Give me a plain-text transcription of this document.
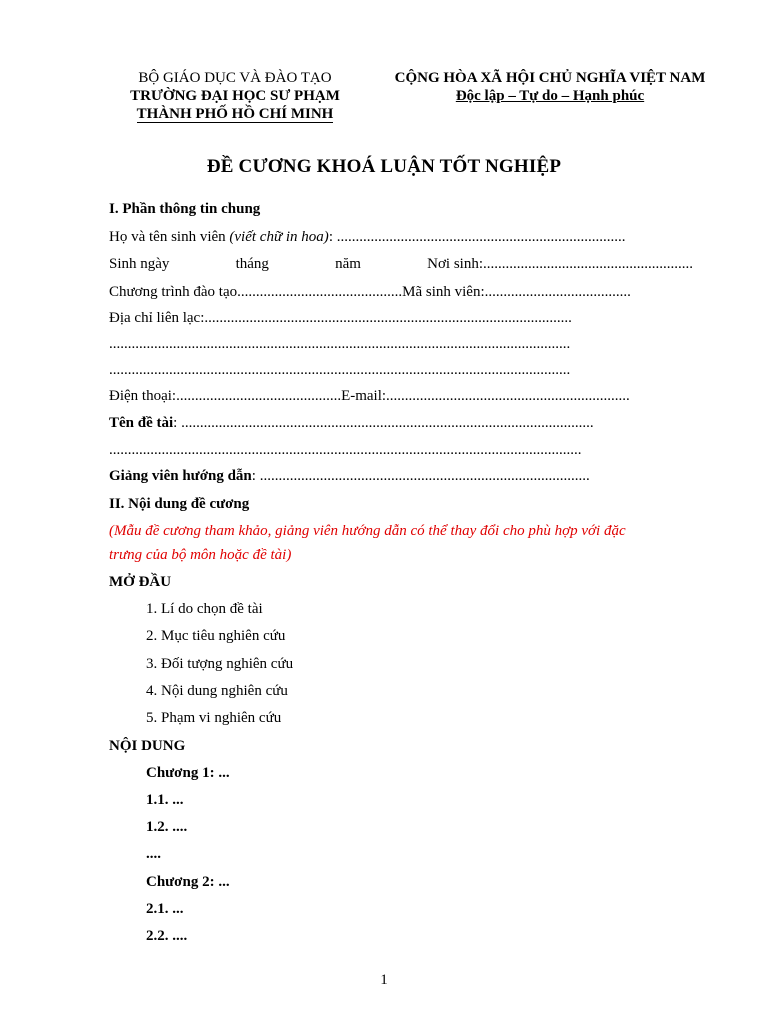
BỘ GIÁO DỤC VÀ ĐÀO TẠO
TRƯỜNG ĐẠI HỌC SƯ PHẠM
THÀNH PHỐ HỒ CHÍ MINH
CỘNG HÒA XÃ HỘI CHỦ NGHĨA VIỆT NAM
Độc lập – Tự do – Hạnh phúc
ĐỀ CƯƠNG KHOÁ LUẬN TỐT NGHIỆP
I. Phần thông tin chung
Họ và tên sinh viên (viết chữ in hoa): .............................................................................
Sinh ngày	tháng	năm	Nơi sinh:........................................................
Chương trình đào tạo............................................Mã sinh viên:.......................................
Địa chỉ liên lạc:..................................................................................................
...........................................................................................................................
...........................................................................................................................
Điện thoại:............................................E-mail:.................................................................
Tên đề tài: ..............................................................................................................
..............................................................................................................................
Giảng viên hướng dẫn: ........................................................................................
II. Nội dung đề cương
(Mẫu đề cương tham khảo, giảng viên hướng dẫn có thể thay đổi cho phù hợp với đặc
trưng của bộ môn hoặc đề tài)
MỞ ĐẦU
1. Lí do chọn đề tài
2. Mục tiêu nghiên cứu
3. Đối tượng nghiên cứu
4. Nội dung nghiên cứu
5. Phạm vi nghiên cứu
NỘI DUNG
Chương 1: ...
1.1. ...
1.2. ....
....
Chương 2: ...
2.1. ...
2.2. ....
1
